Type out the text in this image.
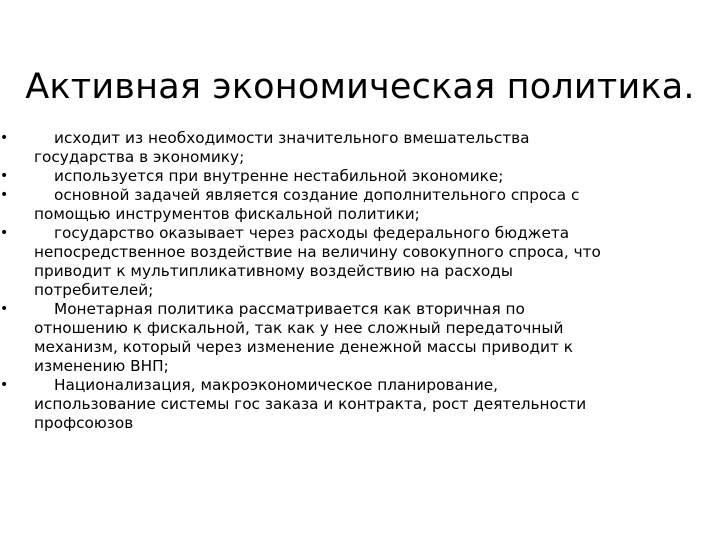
Активная экономическая политика.
•	исходит из необходимости значительного вмешательства
государства в экономику;
•	используется при внутренне нестабильной экономике;
•	основной задачей является создание дополнительного спроса с
помощью инструментов фискальной политики;
•	государство оказывает через расходы федерального бюджета
непосредственное воздействие на величину совокупного спроса, что
приводит к мультипликативному воздействию на расходы
потребителей;
•	Монетарная политика рассматривается как вторичная по
отношению к фискальной, так как у нее сложный передаточный
механизм, который через изменение денежной массы приводит к
изменению ВНП;
•	Национализация, макроэкономическое планирование,
использование системы гос заказа и контракта, рост деятельности
профсоюзов
